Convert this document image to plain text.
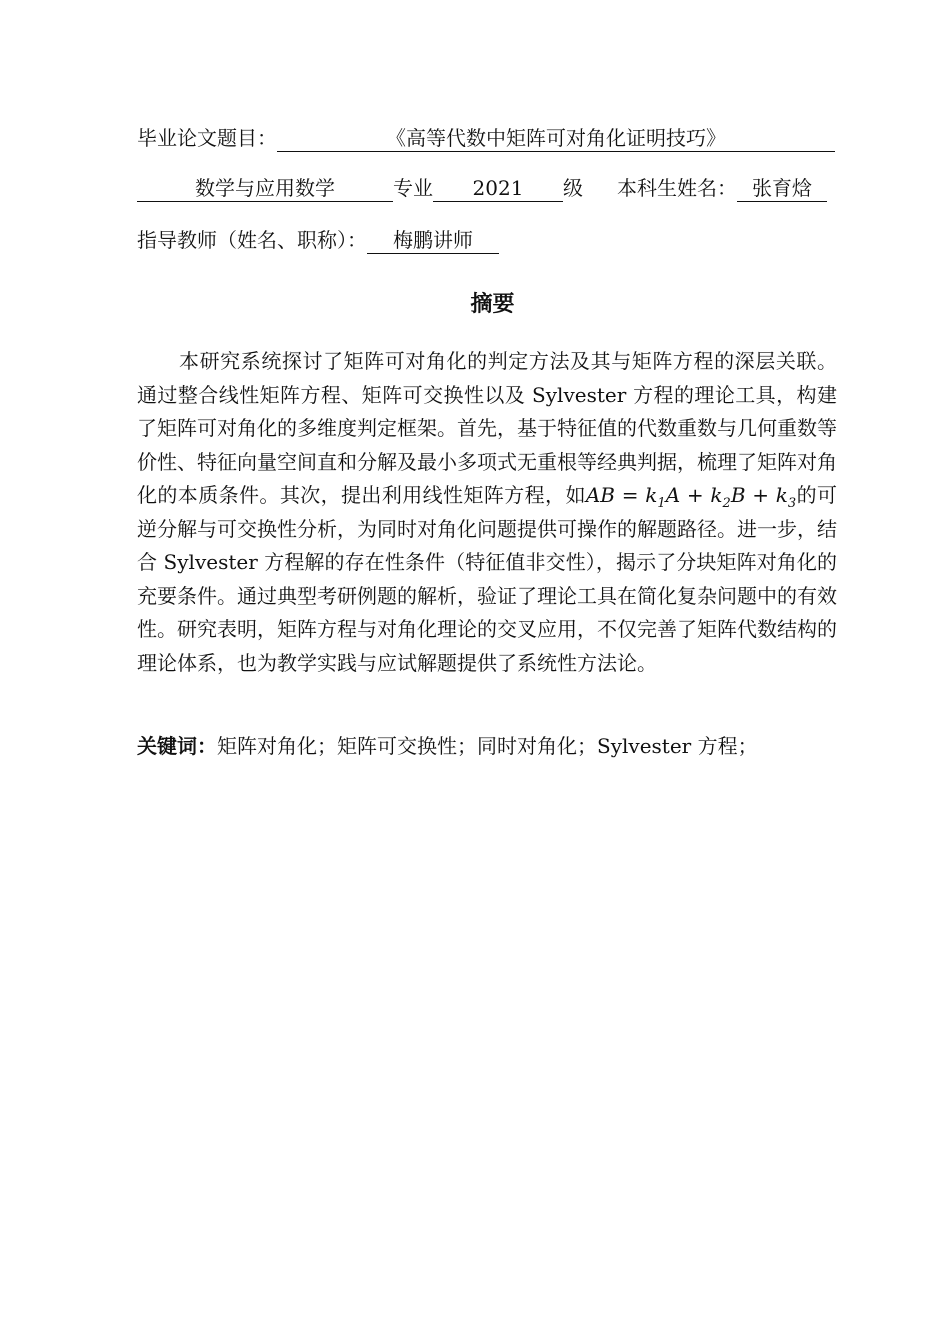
毕业论文题目：	《高等代数中矩阵可对角化证明技巧》
数学与应用数学	专业 2021 级 本科生姓名： 张育焓
指导教师（姓名、职称）： 梅鹏讲师
摘要
本研究系统探讨了矩阵可对角化的判定方法及其与矩阵方程的深层关联。通过整合线性矩阵方程、矩阵可交换性以及 Sylvester 方程的理论工具，构建了矩阵可对角化的多维度判定框架。首先，基于特征值的代数重数与几何重数等价性、特征向量空间直和分解及最小多项式无重根等经典判据，梳理了矩阵对角化的本质条件。其次，提出利用线性矩阵方程，如AB = $k_1A + k_2B + k_3$的可逆分解与可交换性分析，为同时对角化问题提供可操作的解题路径。进一步，结合 Sylvester 方程解的存在性条件（特征值非交性），揭示了分块矩阵对角化的充要条件。通过典型考研例题的解析，验证了理论工具在简化复杂问题中的有效性。研究表明，矩阵方程与对角化理论的交叉应用，不仅完善了矩阵代数结构的理论体系，也为教学实践与应试解题提供了系统性方法论。
关键词：矩阵对角化；矩阵可交换性；同时对角化；Sylvester 方程；
